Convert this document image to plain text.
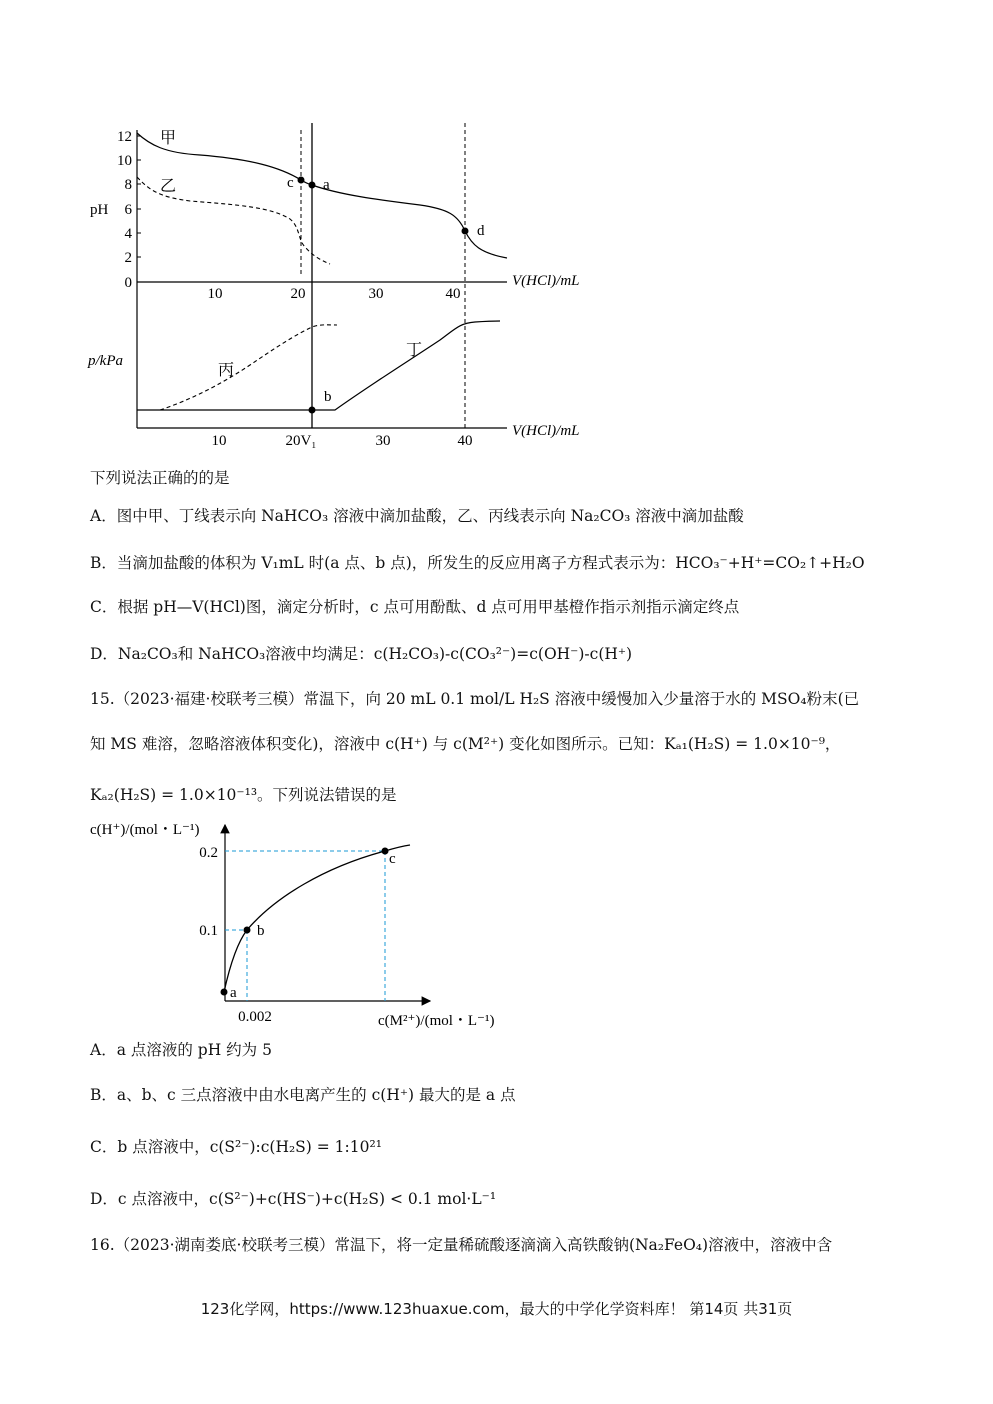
12
10
8
6
4
2
0
pH
10	20	30	40
V(HCl)/mL
甲
乙
丙
丁
c a
d
b
p/kPa
10	20V₁	30	40
V(HCl)/mL
下列说法正确的的是
A．图中甲、丁线表示向 NaHCO₃ 溶液中滴加盐酸，乙、丙线表示向 Na₂CO₃ 溶液中滴加盐酸
B．当滴加盐酸的体积为 V₁mL 时(a 点、b 点)，所发生的反应用离子方程式表示为：HCO₃⁻+H⁺=CO₂↑+H₂O
C．根据 pH—V(HCl)图，滴定分析时，c 点可用酚酞、d 点可用甲基橙作指示剂指示滴定终点
D．Na₂CO₃和 NaHCO₃溶液中均满足：c(H₂CO₃)-c(CO₃²⁻)=c(OH⁻)-c(H⁺)
15.（2023·福建·校联考三模）常温下，向 20 mL 0.1 mol/L H₂S 溶液中缓慢加入少量溶于水的 MSO₄粉末(已
知 MS 难溶，忽略溶液体积变化)，溶液中 c(H⁺) 与 c(M²⁺) 变化如图所示。已知：Kₐ₁(H₂S) = 1.0×10⁻⁹，
Kₐ₂(H₂S) = 1.0×10⁻¹³。下列说法错误的是
a
b
c
0.2
0.1
0.002
c(H⁺)/(mol・L⁻¹)
c(M²⁺)/(mol・L⁻¹)
A．a 点溶液的 pH 约为 5
B．a、b、c 三点溶液中由水电离产生的 c(H⁺) 最大的是 a 点
C．b 点溶液中，c(S²⁻):c(H₂S) = 1:10²¹
D．c 点溶液中，c(S²⁻)+c(HS⁻)+c(H₂S) < 0.1 mol·L⁻¹
16.（2023·湖南娄底·校联考三模）常温下，将一定量稀硫酸逐滴滴入高铁酸钠(Na₂FeO₄)溶液中，溶液中含
123化学网，https://www.123huaxue.com，最大的中学化学资料库！ 第14页 共31页
